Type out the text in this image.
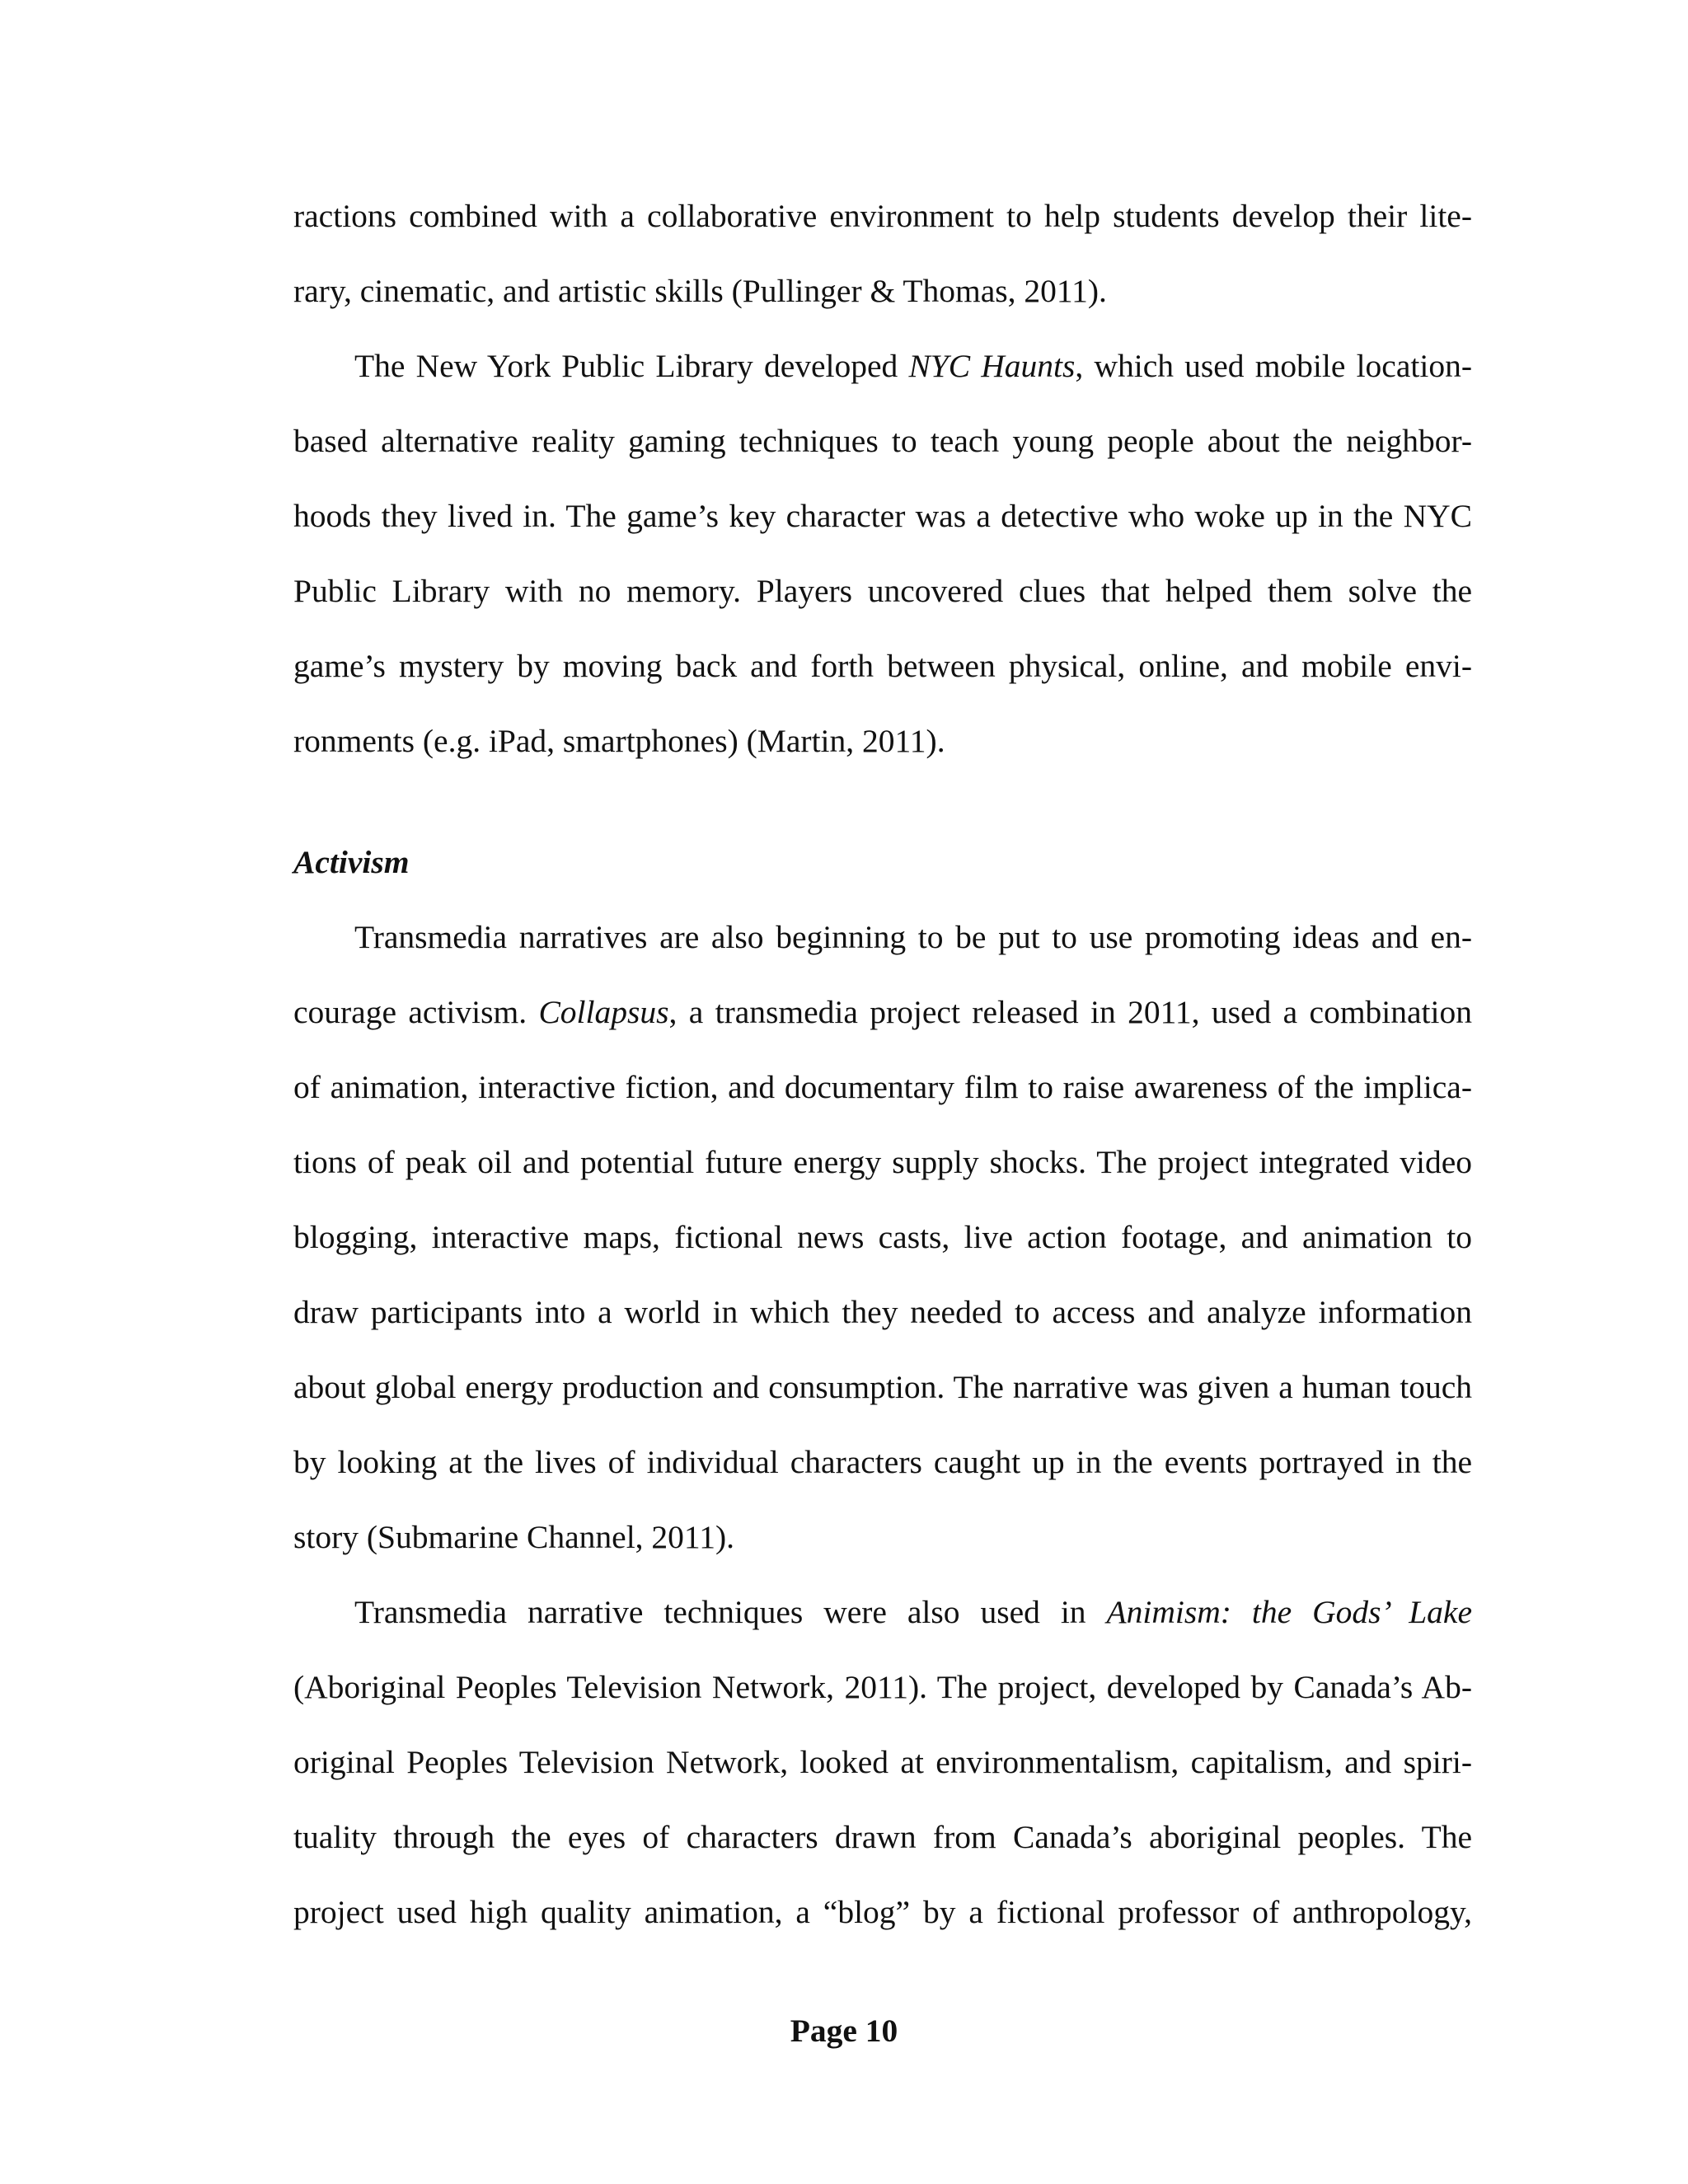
ractions combined with a collaborative environment to help students develop their lite-
rary, cinematic, and artistic skills (Pullinger & Thomas, 2011).
The New York Public Library developed NYC Haunts, which used mobile location-
based alternative reality gaming techniques to teach young people about the neighbor-
hoods they lived in. The game’s key character was a detective who woke up in the NYC
Public Library with no memory. Players uncovered clues that helped them solve the
game’s mystery by moving back and forth between physical, online, and mobile envi-
ronments (e.g. iPad, smartphones) (Martin, 2011).
Activism
Transmedia narratives are also beginning to be put to use promoting ideas and en-
courage activism. Collapsus, a transmedia project released in 2011, used a combination
of animation, interactive fiction, and documentary film to raise awareness of the implica-
tions of peak oil and potential future energy supply shocks. The project integrated video
blogging, interactive maps, fictional news casts, live action footage, and animation to
draw participants into a world in which they needed to access and analyze information
about global energy production and consumption. The narrative was given a human touch
by looking at the lives of individual characters caught up in the events portrayed in the
story (Submarine Channel, 2011).
Transmedia narrative techniques were also used in Animism: the Gods’ Lake
(Aboriginal Peoples Television Network, 2011). The project, developed by Canada’s Ab-
original Peoples Television Network, looked at environmentalism, capitalism, and spiri-
tuality through the eyes of characters drawn from Canada’s aboriginal peoples. The
project used high quality animation, a “blog” by a fictional professor of anthropology,
Page 10
